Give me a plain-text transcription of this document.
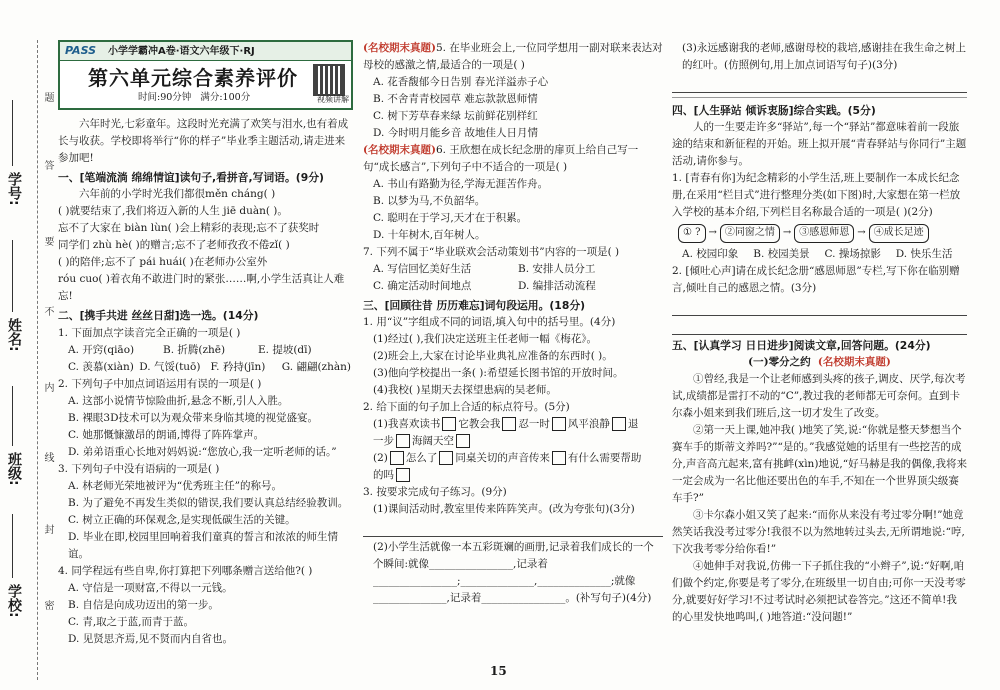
题
答
要
不
内
线
封
密
学号:
姓名:
班级:
学校:
PASS 小学学霸冲A卷·语文六年级下·RJ
第六单元综合素养评价
时间:90分钟 满分:100分	视频讲解

六年时光,七彩童年。这段时光充满了欢笑与泪水,也有着成长与收获。学校即将举行“你的样子”毕业季主题活动,请走进来参加吧!

一、[笔端流淌 绵绵情谊]读句子,看拼音,写词语。(9分)

六年前的小学时光我们都很měn cháng( )

( )就要结束了,我们将迈入新的人生 jiē duàn( )。

忘不了大家在 biàn lùn( )会上精彩的表现;忘不了获奖时

同学们 zhù hè( )的赠言;忘不了老师孜孜不倦zǐ( )

( )的陪伴;忘不了 pái huái( )在老师办公室外

róu cuo( )着衣角不敢进门时的紧张……啊,小学生活真让人难忘!

二、[携手共进 丝丝日甜]选一选。(14分)

1. 下面加点字读音完全正确的一项是( )

A. 开窍(qiāo)	B. 折腾(zhē)	E. 提坡(dī)
C. 羡慕(xiàn) D. 气馁(tuō) F. 矜持(jīn)	G. 翩翩(zhàn)

2. 下列句子中加点词语运用有误的一项是( )

A. 这部小说情节惊险曲折,悬念不断,引人入胜。

B. 裸眼3D技术可以为观众带来身临其境的视觉盛宴。

C. 她那慨慷激昂的朗诵,博得了阵阵掌声。

D. 弟弟语重心长地对妈妈说:“您放心,我一定听老师的话。”

3. 下列句子中没有语病的一项是( )

A. 林老师光荣地被评为“优秀班主任”的称号。

B. 为了避免不再发生类似的错误,我们要认真总结经验教训。

C. 树立正确的环保观念,是实现低碳生活的关键。

D. 毕业在即,校园里回响着我们童真的誓言和浓浓的师生情谊。

4. 同学程远有些自卑,你打算把下列哪条赠言送给他?( )

A. 守信是一项财富,不得以一元钱。

B. 自信是向成功迈出的第一步。

C. 青,取之于蓝,而青于蓝。

D. 见贤思齐焉,见不贤而内自省也。

(名校期末真题)5. 在毕业班会上,一位同学想用一副对联来表达对母校的感激之情,最适合的一项是( )

A. 花香馥郁今日告别 春光洋溢赤子心

B. 不舍青青校园草 难忘款款恩师情

C. 树下芳草春来绿 坛前鲜花别样红

D. 今时明月能乡音 故地佳人日月情

(名校期末真题)6. 王欣想在成长纪念册的扉页上给自己写一句“成长感言”,下列句子中不适合的一项是( )

A. 书山有路勤为径,学海无涯苦作舟。

B. 以梦为马,不负韶华。

C. 聪明在于学习,天才在于积累。

D. 十年树木,百年树人。

7. 下列不属于“毕业联欢会活动策划书”内容的一项是( )

A. 写信回忆美好生活	B. 安排人员分工
C. 确定活动时间地点	D. 编排活动流程

三、[回顾往昔 历历难忘]词句段运用。(18分)

1. 用“议”字组成不同的词语,填入句中的括号里。(4分)

(1)经过( ),我们决定送班主任老师一幅《梅花》。

(2)班会上,大家在讨论毕业典礼应准备的东西时( )。

(3)他向学校提出一条( ):希望延长图书馆的开放时间。

(4)我校( )星期天去探望患病的吴老师。

2. 给下面的句子加上合适的标点符号。(5分)

(1)我喜欢读书 它教会我 忍一时 风平浪静 退

一步 海阔天空

(2) 怎么了 同桌关切的声音传来 有什么需要帮助

的吗

3. 按要求完成句子练习。(9分)

(1)课间活动时,教室里传来阵阵笑声。(改为夸张句)(3分)

(2)小学生活就像一本五彩斑斓的画册,记录着我们成长的一个个瞬间:就像________________,记录着________________;______________,______________;就像______________,记录着________________。(补写句子)(4分)

(3)永远感谢我的老师,感谢母校的栽培,感谢挂在我生命之树上的红叶。(仿照例句,用上加点词语写句子)(3分)

四、[人生驿站 倾诉衷肠]综合实践。(5分)

人的一生要走许多“驿站”,每一个“驿站”都意味着前一段旅途的结束和新征程的开始。班上拟开展“青春驿站与你同行”主题活动,请你参与。

1. [青春有你]为纪念精彩的小学生活,班上要制作一本成长纪念册,在采用“栏目式”进行整理分类(如下图)时,大家想在第一栏放入学校的基本介绍,下列栏目名称最合适的一项是( )(2分)

① ? → ②同窗之情 → ③感恩师恩 → ④成长足迹
A. 校园印象	B. 校园美景	C. 操场掠影	D. 快乐生活

2. [倾吐心声]请在成长纪念册“感恩师恩”专栏,写下你在临别赠言,倾吐自己的感恩之情。(3分)

五、[认真学习 日日进步]阅读文章,回答问题。(24分)

(一)零分之约 (名校期末真题)

①曾经,我是一个让老师感到头疼的孩子,调皮、厌学,每次考试,成绩都是雷打不动的“C”,教过我的老师都无可奈何。直到卡尔森小姐来到我们班后,这一切才发生了改变。

②第一天上课,她冲我( )地笑了笑,说:“你就是整天梦想当个赛车手的斯蒂文养吗?”“是的。”我感觉她的话里有一些挖苦的成分,声音高亢起来,富有挑衅(xìn)地说,“好马赫是我的偶像,我将来一定会成为一名比他还要出色的车手,不知在一个世界顶尖级赛车手?”

③卡尔森小姐又笑了起来:“而你从来没有考过零分啊!”她竟然笑话我没考过零分!我很不以为然地转过头去,无所谓地说:“哼,下次我考零分给你看!”

④她伸手对我说,仿佛一下子抓住我的“小辫子”,说:“好啊,咱们做个约定,你要是考了零分,在班级里一切自由;可你一天没考零分,就要好好学习!不过考试时必须把试卷答完。”这还不简单!我的心里发快地鸣叫,( )地答道:“没问题!”

15
